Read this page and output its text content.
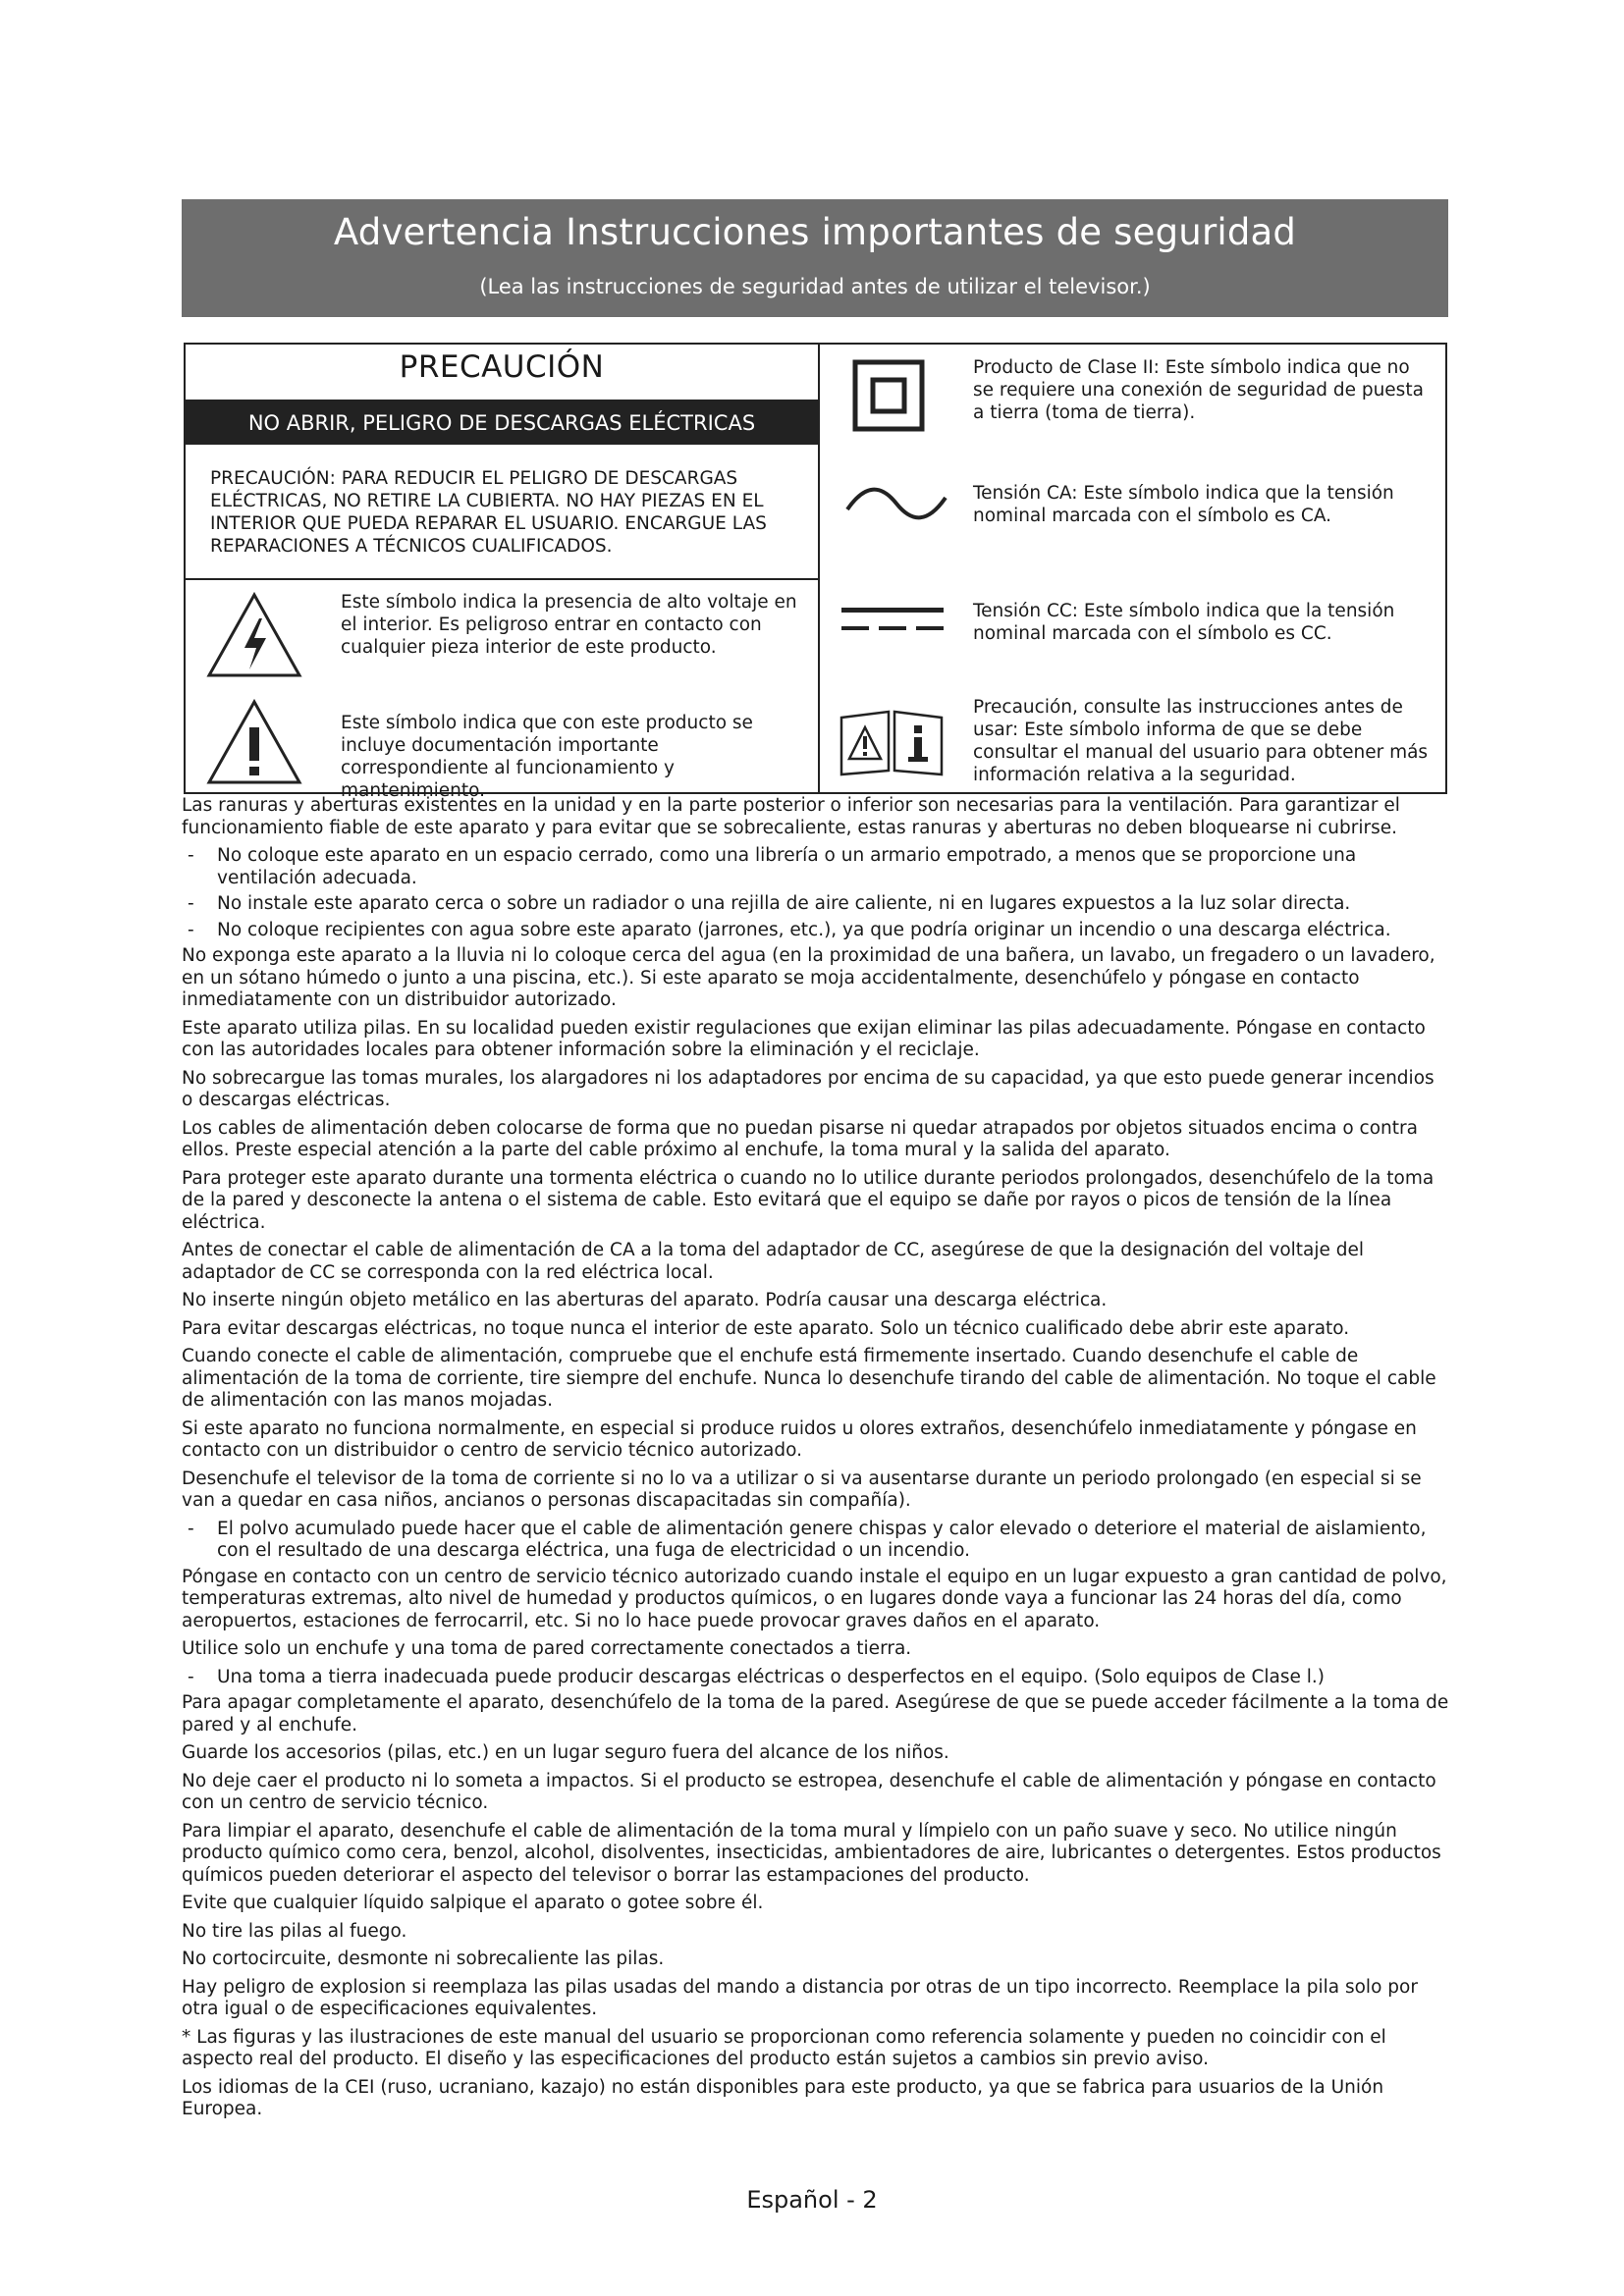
Advertencia Instrucciones importantes de seguridad
(Lea las instrucciones de seguridad antes de utilizar el televisor.)
PRECAUCIÓN
NO ABRIR, PELIGRO DE DESCARGAS ELÉCTRICAS
PRECAUCIÓN: PARA REDUCIR EL PELIGRO DE DESCARGAS ELÉCTRICAS, NO RETIRE LA CUBIERTA. NO HAY PIEZAS EN EL INTERIOR QUE PUEDA REPARAR EL USUARIO. ENCARGUE LAS REPARACIONES A TÉCNICOS CUALIFICADOS.
Este símbolo indica la presencia de alto voltaje en el interior. Es peligroso entrar en contacto con cualquier pieza interior de este producto.
Este símbolo indica que con este producto se incluye documentación importante correspondiente al funcionamiento y mantenimiento.
Producto de Clase II: Este símbolo indica que no se requiere una conexión de seguridad de puesta a tierra (toma de tierra).
Tensión CA: Este símbolo indica que la tensión nominal marcada con el símbolo es CA.
Tensión CC: Este símbolo indica que la tensión nominal marcada con el símbolo es CC.
Precaución, consulte las instrucciones antes de usar: Este símbolo informa de que se debe consultar el manual del usuario para obtener más información relativa a la seguridad.

Las ranuras y aberturas existentes en la unidad y en la parte posterior o inferior son necesarias para la ventilación. Para garantizar el funcionamiento fiable de este aparato y para evitar que se sobrecaliente, estas ranuras y aberturas no deben bloquearse ni cubrirse.

- No coloque este aparato en un espacio cerrado, como una librería o un armario empotrado, a menos que se proporcione una ventilación adecuada.
- No instale este aparato cerca o sobre un radiador o una rejilla de aire caliente, ni en lugares expuestos a la luz solar directa.
- No coloque recipientes con agua sobre este aparato (jarrones, etc.), ya que podría originar un incendio o una descarga eléctrica.

No exponga este aparato a la lluvia ni lo coloque cerca del agua (en la proximidad de una bañera, un lavabo, un fregadero o un lavadero, en un sótano húmedo o junto a una piscina, etc.). Si este aparato se moja accidentalmente, desenchúfelo y póngase en contacto inmediatamente con un distribuidor autorizado.

Este aparato utiliza pilas. En su localidad pueden existir regulaciones que exijan eliminar las pilas adecuadamente. Póngase en contacto con las autoridades locales para obtener información sobre la eliminación y el reciclaje.

No sobrecargue las tomas murales, los alargadores ni los adaptadores por encima de su capacidad, ya que esto puede generar incendios o descargas eléctricas.

Los cables de alimentación deben colocarse de forma que no puedan pisarse ni quedar atrapados por objetos situados encima o contra ellos. Preste especial atención a la parte del cable próximo al enchufe, la toma mural y la salida del aparato.

Para proteger este aparato durante una tormenta eléctrica o cuando no lo utilice durante periodos prolongados, desenchúfelo de la toma de la pared y desconecte la antena o el sistema de cable. Esto evitará que el equipo se dañe por rayos o picos de tensión de la línea eléctrica.

Antes de conectar el cable de alimentación de CA a la toma del adaptador de CC, asegúrese de que la designación del voltaje del adaptador de CC se corresponda con la red eléctrica local.

No inserte ningún objeto metálico en las aberturas del aparato. Podría causar una descarga eléctrica.

Para evitar descargas eléctricas, no toque nunca el interior de este aparato. Solo un técnico cualificado debe abrir este aparato.

Cuando conecte el cable de alimentación, compruebe que el enchufe está firmemente insertado. Cuando desenchufe el cable de alimentación de la toma de corriente, tire siempre del enchufe. Nunca lo desenchufe tirando del cable de alimentación. No toque el cable de alimentación con las manos mojadas.

Si este aparato no funciona normalmente, en especial si produce ruidos u olores extraños, desenchúfelo inmediatamente y póngase en contacto con un distribuidor o centro de servicio técnico autorizado.

Desenchufe el televisor de la toma de corriente si no lo va a utilizar o si va ausentarse durante un periodo prolongado (en especial si se van a quedar en casa niños, ancianos o personas discapacitadas sin compañía).

- El polvo acumulado puede hacer que el cable de alimentación genere chispas y calor elevado o deteriore el material de aislamiento, con el resultado de una descarga eléctrica, una fuga de electricidad o un incendio.

Póngase en contacto con un centro de servicio técnico autorizado cuando instale el equipo en un lugar expuesto a gran cantidad de polvo, temperaturas extremas, alto nivel de humedad y productos químicos, o en lugares donde vaya a funcionar las 24 horas del día, como aeropuertos, estaciones de ferrocarril, etc. Si no lo hace puede provocar graves daños en el aparato.

Utilice solo un enchufe y una toma de pared correctamente conectados a tierra.

- Una toma a tierra inadecuada puede producir descargas eléctricas o desperfectos en el equipo. (Solo equipos de Clase l.)

Para apagar completamente el aparato, desenchúfelo de la toma de la pared. Asegúrese de que se puede acceder fácilmente a la toma de pared y al enchufe.

Guarde los accesorios (pilas, etc.) en un lugar seguro fuera del alcance de los niños.

No deje caer el producto ni lo someta a impactos. Si el producto se estropea, desenchufe el cable de alimentación y póngase en contacto con un centro de servicio técnico.

Para limpiar el aparato, desenchufe el cable de alimentación de la toma mural y límpielo con un paño suave y seco. No utilice ningún producto químico como cera, benzol, alcohol, disolventes, insecticidas, ambientadores de aire, lubricantes o detergentes. Estos productos químicos pueden deteriorar el aspecto del televisor o borrar las estampaciones del producto.

Evite que cualquier líquido salpique el aparato o gotee sobre él.

No tire las pilas al fuego.

No cortocircuite, desmonte ni sobrecaliente las pilas.

Hay peligro de explosion si reemplaza las pilas usadas del mando a distancia por otras de un tipo incorrecto. Reemplace la pila solo por otra igual o de especificaciones equivalentes.

* Las figuras y las ilustraciones de este manual del usuario se proporcionan como referencia solamente y pueden no coincidir con el aspecto real del producto. El diseño y las especificaciones del producto están sujetos a cambios sin previo aviso.

Los idiomas de la CEI (ruso, ucraniano, kazajo) no están disponibles para este producto, ya que se fabrica para usuarios de la Unión Europea.

Español - 2
